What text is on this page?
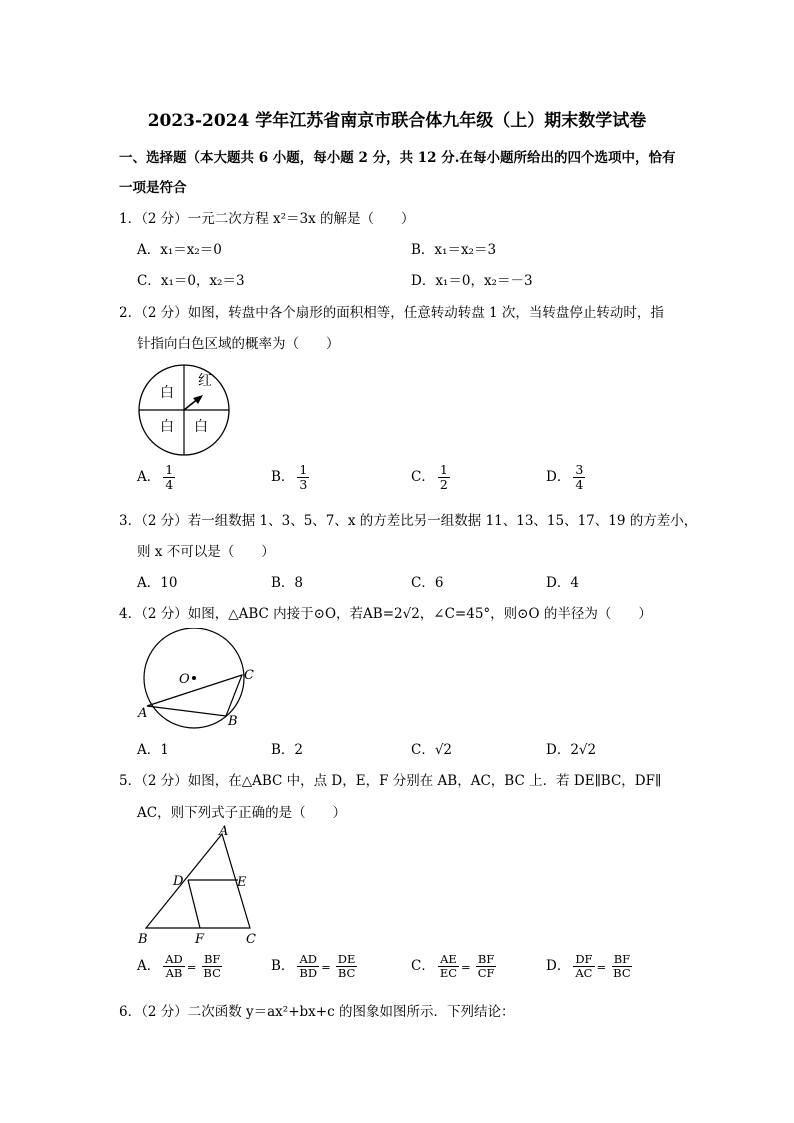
2023-2024 学年江苏省南京市联合体九年级（上）期末数学试卷
一、选择题（本大题共 6 小题，每小题 2 分，共 12 分.在每小题所给出的四个选项中，恰有
一项是符合
1．（2 分）一元二次方程 x²＝3x 的解是（　　）
A．x₁＝x₂＝0	B．x₁＝x₂＝3
C．x₁＝0，x₂＝3	D．x₁＝0，x₂＝－3
2．（2 分）如图，转盘中各个扇形的面积相等，任意转动转盘 1 次，当转盘停止转动时，指
针指向白色区域的概率为（　　）
白
红
白 白
A． $\frac{1}{4}$	B． $\frac{1}{3}$	C． $\frac{1}{2}$	D． $\frac{3}{4}$
3．（2 分）若一组数据 1、3、5、7、x 的方差比另一组数据 11、13、15、17、19 的方差小，
则 x 不可以是（　　）
A．10	B．8	C．6	D．4
4．（2 分）如图，△ABC 内接于⊙O，若AB=2√2，∠C=45°，则⊙O 的半径为（　　）
O
A
B
C
A．1	B．2	C．√2	D．2√2
5．（2 分）如图，在△ABC 中，点 D，E，F 分别在 AB，AC，BC 上．若 DE∥BC，DF∥
AC，则下列式子正确的是（　　）
A
B	C
D	E
F
A． $\frac{AD}{AB} = \frac{BF}{BC}$	B． $\frac{AD}{BD} = \frac{DE}{BC}$	C． $\frac{AE}{EC} = \frac{BF}{CF}$	D． $\frac{DF}{AC} = \frac{BF}{BC}$
6．（2 分）二次函数 y＝ax²+bx+c 的图象如图所示．下列结论：
